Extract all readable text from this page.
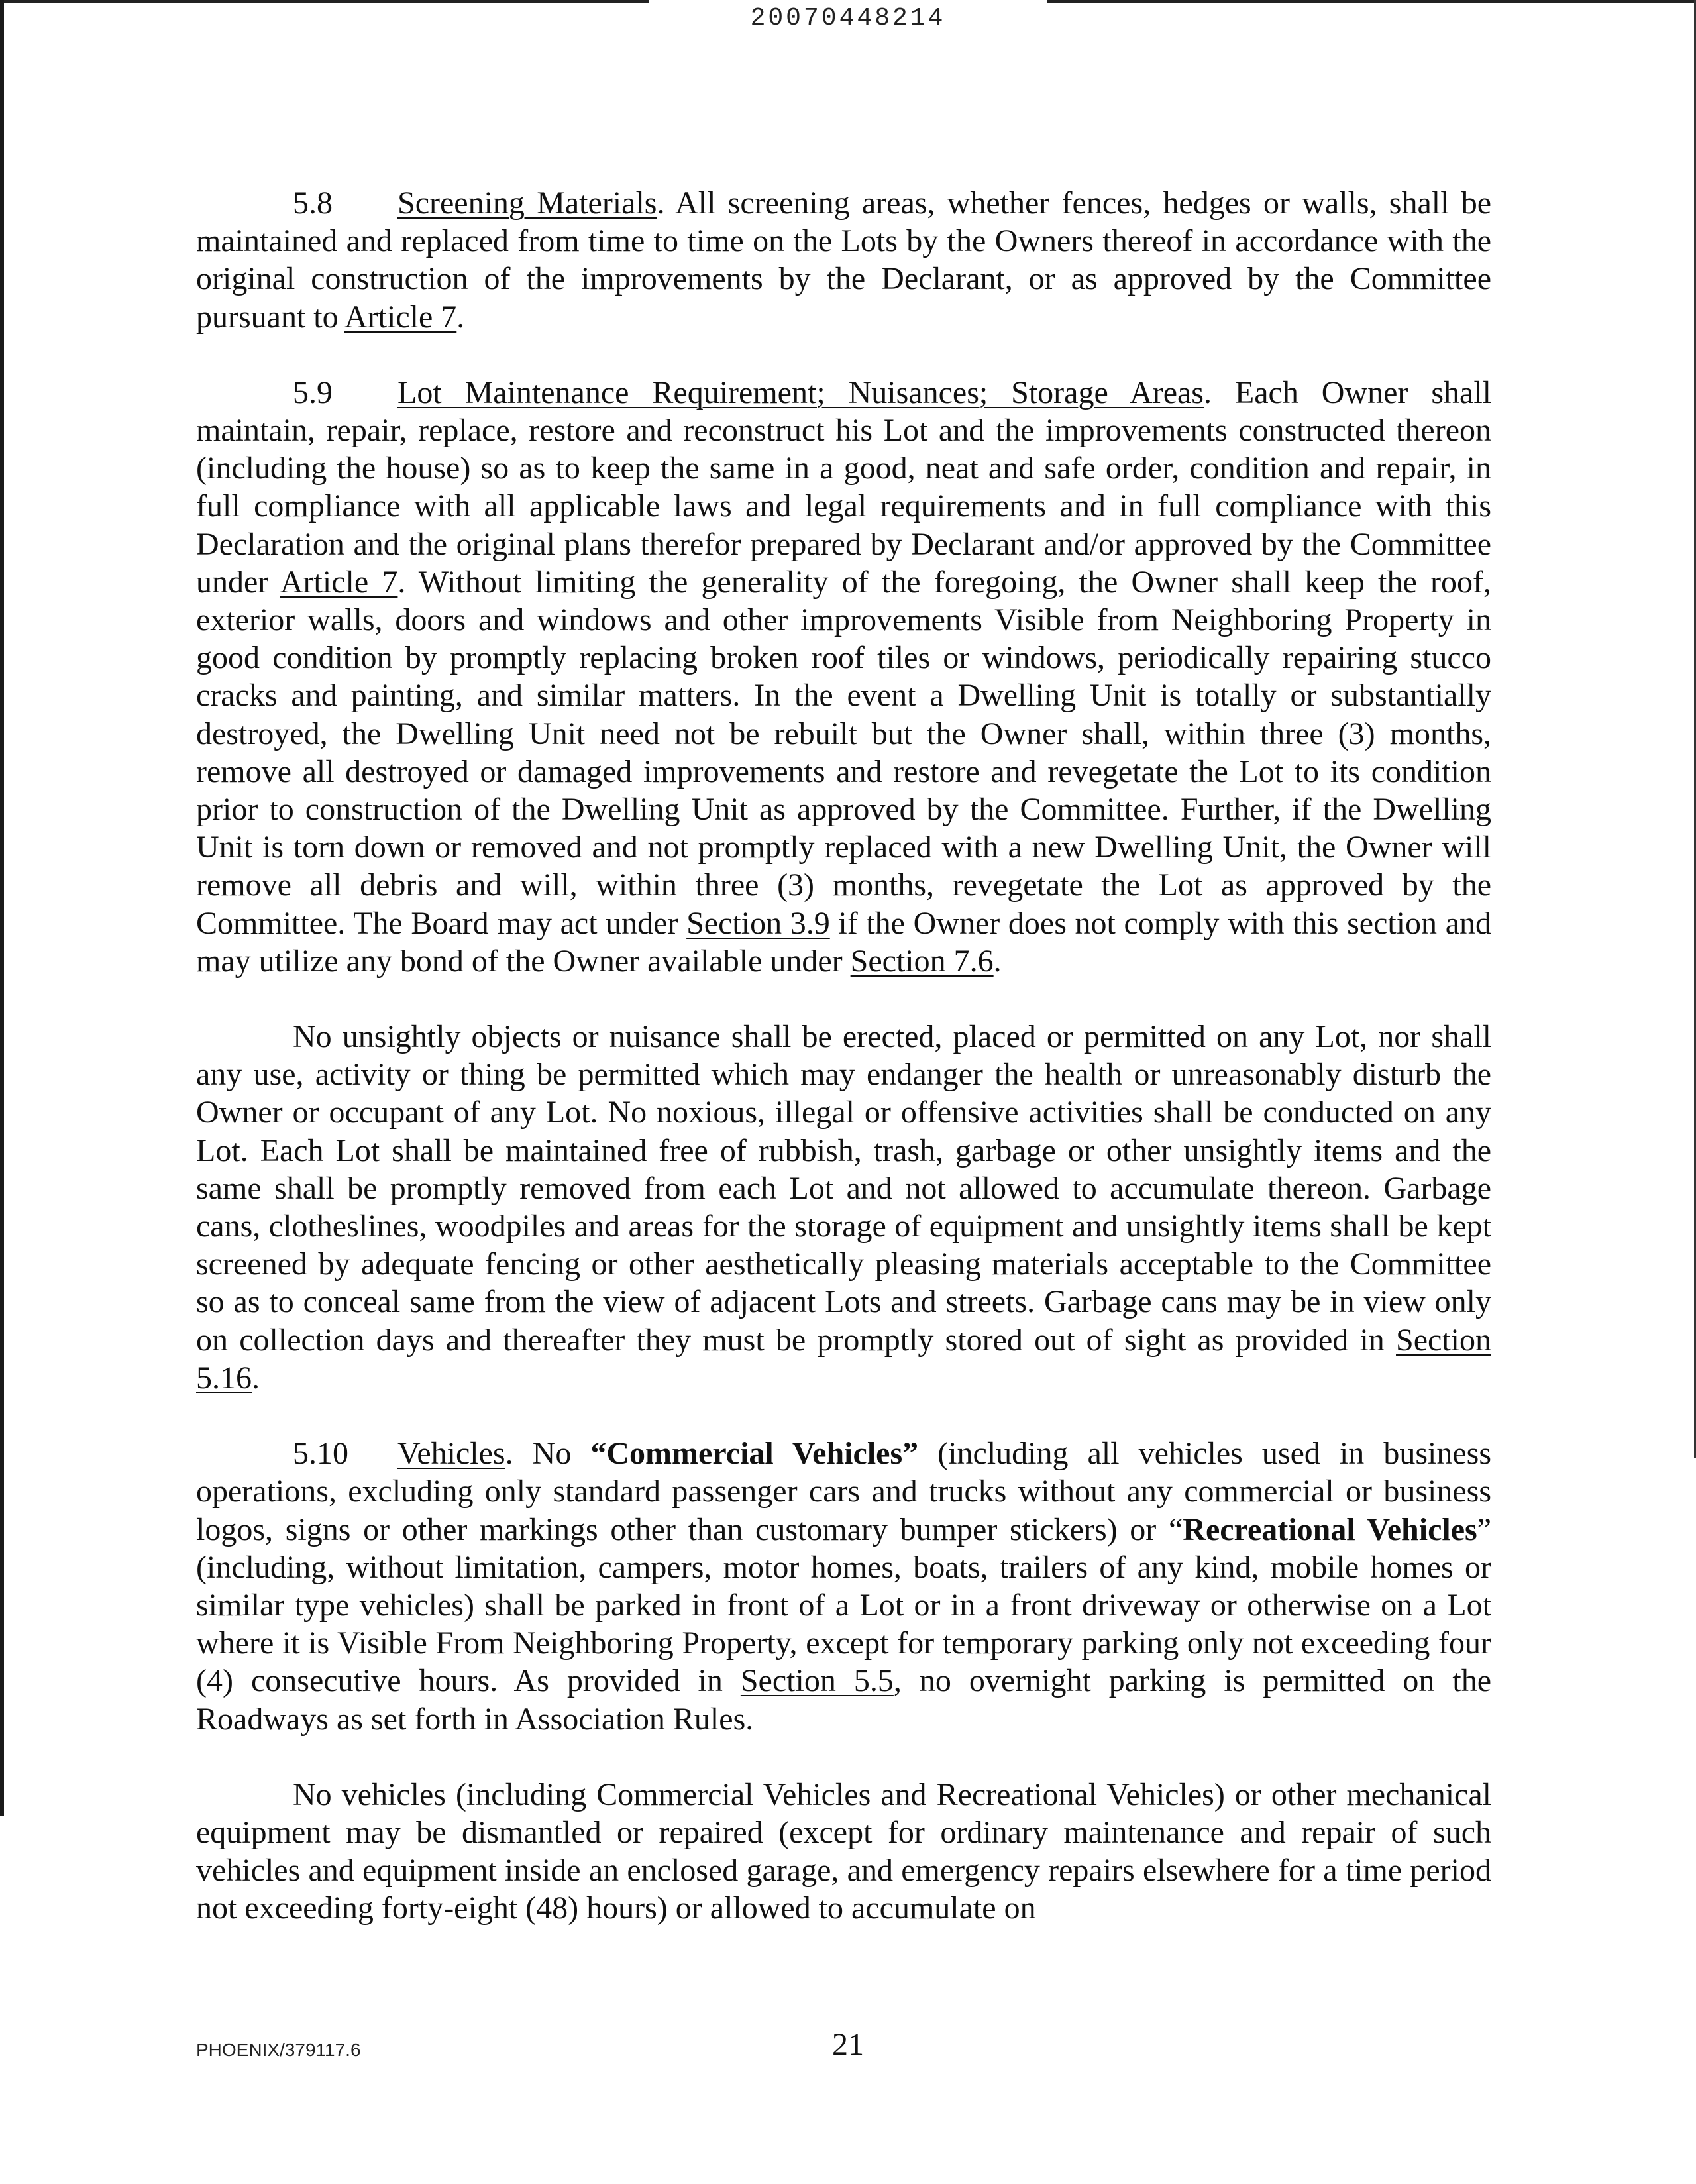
20070448214

5.8 Screening Materials. All screening areas, whether fences, hedges or walls, shall be maintained and replaced from time to time on the Lots by the Owners thereof in accordance with the original construction of the improvements by the Declarant, or as approved by the Committee pursuant to Article 7.

5.9 Lot Maintenance Requirement; Nuisances; Storage Areas. Each Owner shall maintain, repair, replace, restore and reconstruct his Lot and the improvements constructed thereon (including the house) so as to keep the same in a good, neat and safe order, condition and repair, in full compliance with all applicable laws and legal requirements and in full compliance with this Declaration and the original plans therefor prepared by Declarant and/or approved by the Committee under Article 7. Without limiting the generality of the foregoing, the Owner shall keep the roof, exterior walls, doors and windows and other improvements Visible from Neighboring Property in good condition by promptly replacing broken roof tiles or windows, periodically repairing stucco cracks and painting, and similar matters. In the event a Dwelling Unit is totally or substantially destroyed, the Dwelling Unit need not be rebuilt but the Owner shall, within three (3) months, remove all destroyed or damaged improvements and restore and revegetate the Lot to its condition prior to construction of the Dwelling Unit as approved by the Committee. Further, if the Dwelling Unit is torn down or removed and not promptly replaced with a new Dwelling Unit, the Owner will remove all debris and will, within three (3) months, revegetate the Lot as approved by the Committee. The Board may act under Section 3.9 if the Owner does not comply with this section and may utilize any bond of the Owner available under Section 7.6.

No unsightly objects or nuisance shall be erected, placed or permitted on any Lot, nor shall any use, activity or thing be permitted which may endanger the health or unreasonably disturb the Owner or occupant of any Lot. No noxious, illegal or offensive activities shall be conducted on any Lot. Each Lot shall be maintained free of rubbish, trash, garbage or other unsightly items and the same shall be promptly removed from each Lot and not allowed to accumulate thereon. Garbage cans, clotheslines, woodpiles and areas for the storage of equipment and unsightly items shall be kept screened by adequate fencing or other aesthetically pleasing materials acceptable to the Committee so as to conceal same from the view of adjacent Lots and streets. Garbage cans may be in view only on collection days and thereafter they must be promptly stored out of sight as provided in Section 5.16.

5.10 Vehicles. No “Commercial Vehicles” (including all vehicles used in business operations, excluding only standard passenger cars and trucks without any commercial or business logos, signs or other markings other than customary bumper stickers) or “Recreational Vehicles” (including, without limitation, campers, motor homes, boats, trailers of any kind, mobile homes or similar type vehicles) shall be parked in front of a Lot or in a front driveway or otherwise on a Lot where it is Visible From Neighboring Property, except for temporary parking only not exceeding four (4) consecutive hours. As provided in Section 5.5, no overnight parking is permitted on the Roadways as set forth in Association Rules.

No vehicles (including Commercial Vehicles and Recreational Vehicles) or other mechanical equipment may be dismantled or repaired (except for ordinary maintenance and repair of such vehicles and equipment inside an enclosed garage, and emergency repairs elsewhere for a time period not exceeding forty-eight (48) hours) or allowed to accumulate on

PHOENIX/379117.6	21
